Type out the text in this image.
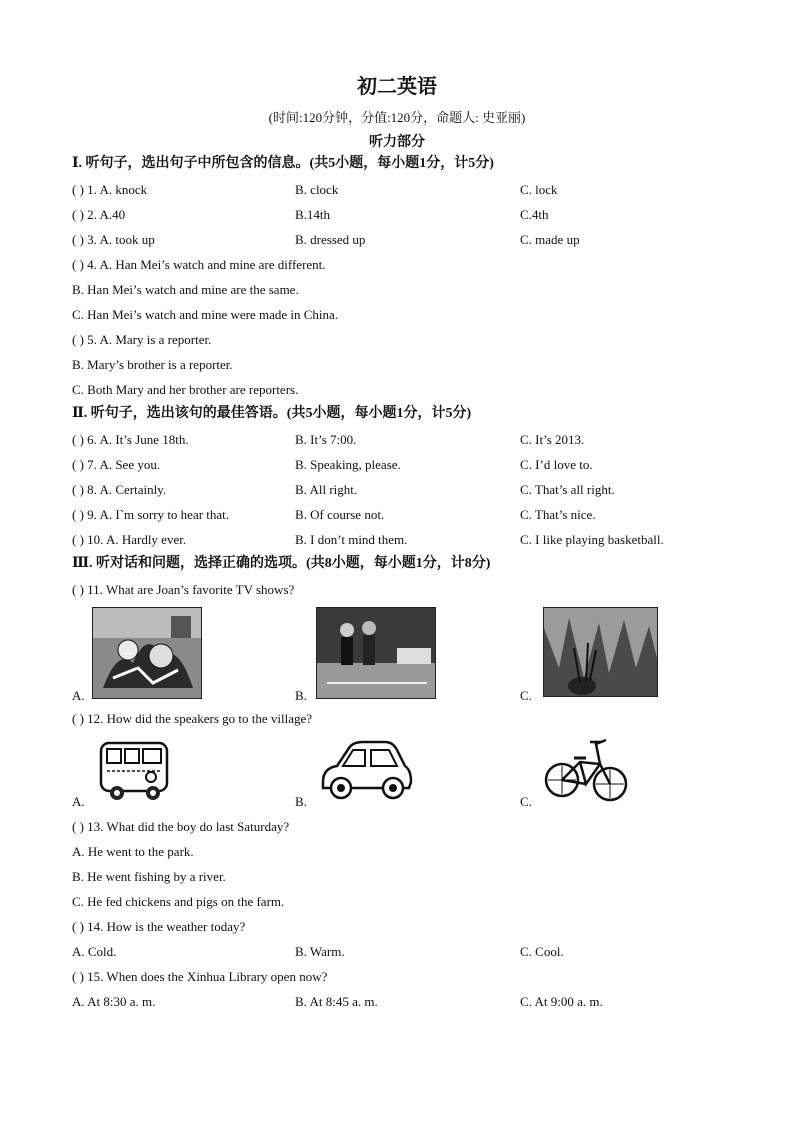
初二英语
(时间:120分钟，分值:120分，命题人: 史亚丽)
听力部分
Ⅰ. 听句子，选出句子中所包含的信息。(共5小题，每小题1分，计5分)
( ) 1. A. knock	B. clock	C. lock
( ) 2. A.40	B.14th	C.4th
( ) 3. A. took up	B. dressed up	C. made up
( ) 4. A. Han Mei’s watch and mine are different.
B. Han Mei’s watch and mine are the same.
C. Han Mei’s watch and mine were made in China.
( ) 5. A. Mary is a reporter.
B. Mary’s brother is a reporter.
C. Both Mary and her brother are reporters.
Ⅱ. 听句子，选出该句的最佳答语。(共5小题，每小题1分，计5分)
( ) 6. A. It’s June 18th.	B. It’s 7:00.	C. It’s 2013.
( ) 7. A. See you.	B. Speaking, please.	C. I’d love to.
( ) 8. A. Certainly.	B. All right.	C. That’s all right.
( ) 9. A. I`m sorry to hear that.	B. Of course not.	C. That’s nice.
( ) 10. A. Hardly ever.	B. I don’t mind them.	C. I like playing basketball.
Ⅲ. 听对话和问题，选择正确的选项。(共8小题，每小题1分，计8分)
( ) 11. What are Joan’s favorite TV shows?
A.	B.	C.
( ) 12. How did the speakers go to the village?
A.	B.	C.
( ) 13. What did the boy do last Saturday?
A. He went to the park.
B. He went fishing by a river.
C. He fed chickens and pigs on the farm.
( ) 14. How is the weather today?
A. Cold.	B. Warm.	C. Cool.
( ) 15. When does the Xinhua Library open now?
A. At 8:30 a. m.	B. At 8:45 a. m.	C. At 9:00 a. m.
